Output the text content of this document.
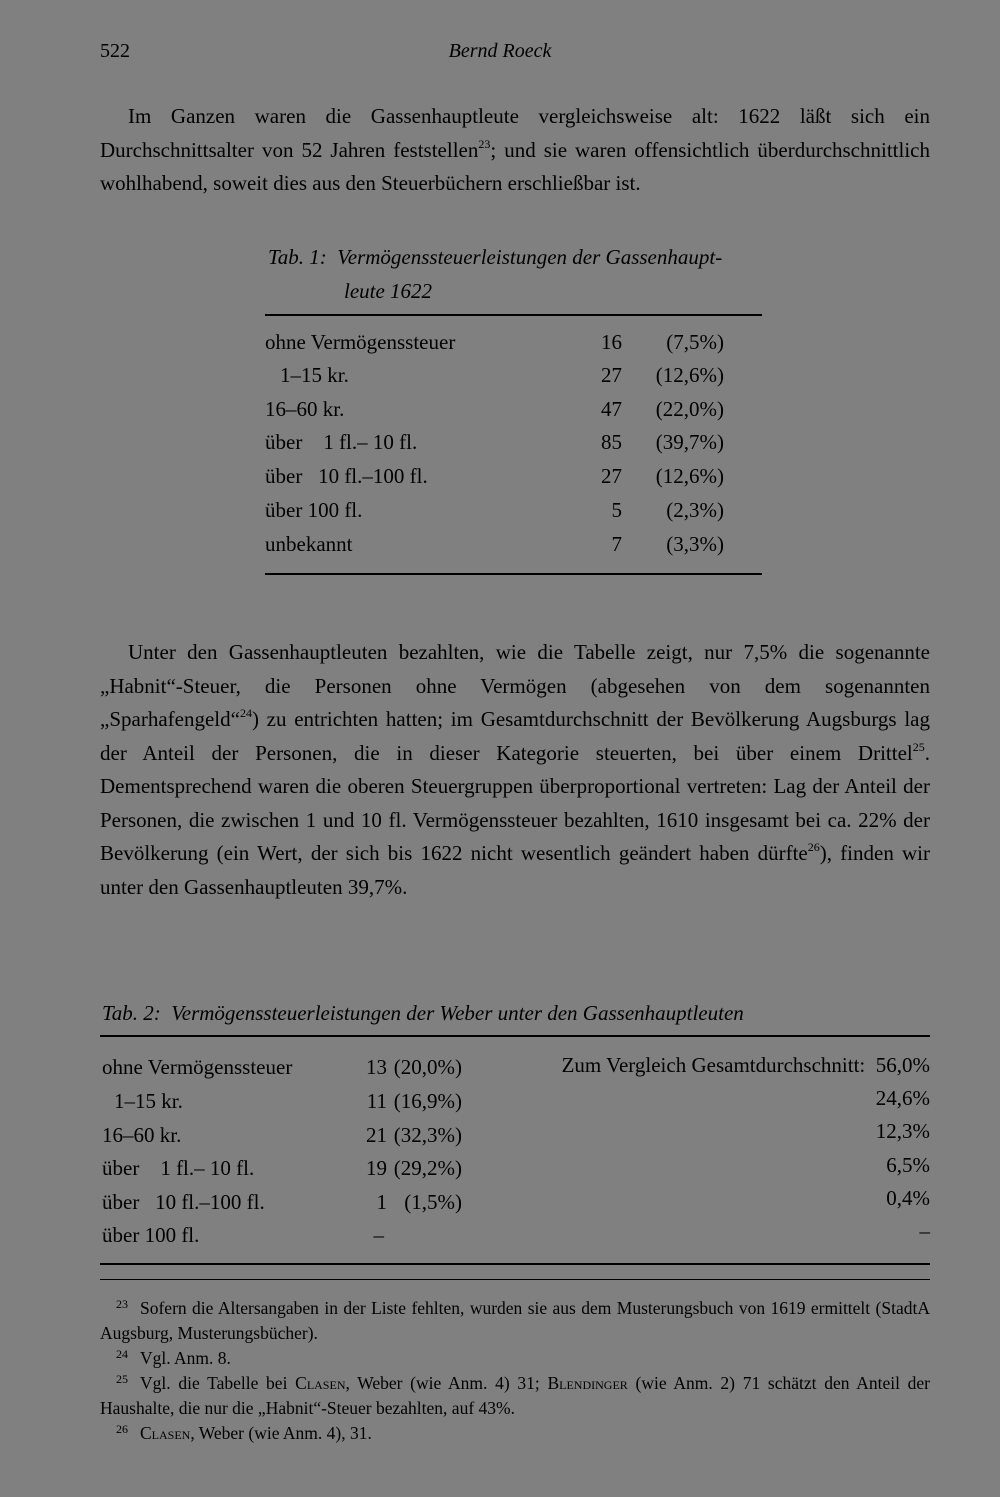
522	Bernd Roeck

Im Ganzen waren die Gassenhauptleute vergleichsweise alt: 1622 läßt sich ein Durchschnittsalter von 52 Jahren feststellen$^{23}$; und sie waren offensichtlich überdurchschnittlich wohlhabend, soweit dies aus den Steuerbüchern erschließbar ist.

Tab. 1: Vermögenssteuerleistungen der Gassenhaupt-
leute 1622
ohne Vermögenssteuer	16	(7,5%)
1–15 kr.	27	(12,6%)
16–60 kr.	47	(22,0%)
über    1 fl.– 10 fl.	85	(39,7%)
über   10 fl.–100 fl.	27	(12,6%)
über 100 fl.	5	(2,3%)
unbekannt	7	(3,3%)

Unter den Gassenhauptleuten bezahlten, wie die Tabelle zeigt, nur 7,5% die sogenannte „Habnit“-Steuer, die Personen ohne Vermögen (abgesehen von dem sogenannten „Sparhafengeld“$^{24}$) zu entrichten hatten; im Gesamtdurchschnitt der Bevölkerung Augsburgs lag der Anteil der Personen, die in dieser Kategorie steuerten, bei über einem Drittel$^{25}$. Dementsprechend waren die oberen Steuergruppen überproportional vertreten: Lag der Anteil der Personen, die zwischen 1 und 10 fl. Vermögenssteuer bezahlten, 1610 insgesamt bei ca. 22% der Bevölkerung (ein Wert, der sich bis 1622 nicht wesentlich geändert haben dürfte$^{26}$), finden wir unter den Gassenhauptleuten 39,7%.

Tab. 2: Vermögenssteuerleistungen der Weber unter den Gassenhauptleuten
ohne Vermögenssteuer	13 (20,0%)	Zum Vergleich Gesamtdurchschnitt:  56,0%
1–15 kr.	11 (16,9%)	24,6%
16–60 kr.	21 (32,3%)	12,3%
über    1 fl.– 10 fl.	19 (29,2%)	6,5%
über   10 fl.–100 fl.	1 (1,5%)	0,4%
über 100 fl.	–	–

$^{23}$ Sofern die Altersangaben in der Liste fehlten, wurden sie aus dem Musterungsbuch von 1619 ermittelt (StadtA Augsburg, Musterungsbücher).

$^{24}$ Vgl. Anm. 8.

$^{25}$ Vgl. die Tabelle bei Clasen, Weber (wie Anm. 4) 31; Blendinger (wie Anm. 2) 71 schätzt den Anteil der Haushalte, die nur die „Habnit“-Steuer bezahlten, auf 43%.

$^{26}$ Clasen, Weber (wie Anm. 4), 31.
